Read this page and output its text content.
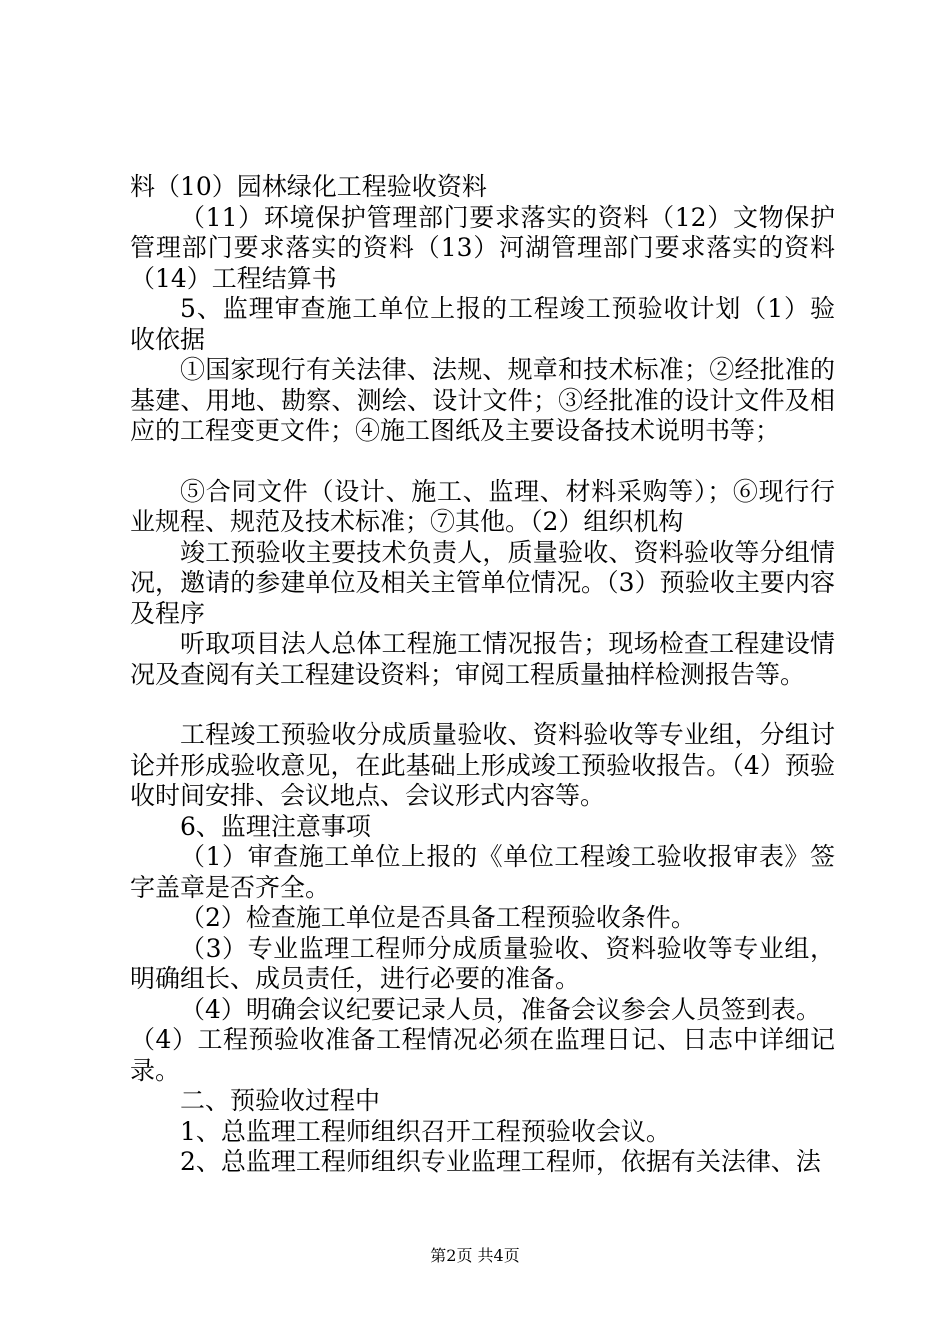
料（10）园林绿化工程验收资料

（11）环境保护管理部门要求落实的资料（12）文物保护管理部门要求落实的资料（13）河湖管理部门要求落实的资料（14）工程结算书

5、监理审查施工单位上报的工程竣工预验收计划（1）验收依据

①国家现行有关法律、法规、规章和技术标准；②经批准的基建、用地、勘察、测绘、设计文件；③经批准的设计文件及相应的工程变更文件；④施工图纸及主要设备技术说明书等；

⑤合同文件（设计、施工、监理、材料采购等）；⑥现行行业规程、规范及技术标准；⑦其他。（2）组织机构

竣工预验收主要技术负责人，质量验收、资料验收等分组情况，邀请的参建单位及相关主管单位情况。（3）预验收主要内容及程序

听取项目法人总体工程施工情况报告；现场检查工程建设情况及查阅有关工程建设资料；审阅工程质量抽样检测报告等。

工程竣工预验收分成质量验收、资料验收等专业组，分组讨论并形成验收意见，在此基础上形成竣工预验收报告。（4）预验收时间安排、会议地点、会议形式内容等。

6、监理注意事项

（1）审查施工单位上报的《单位工程竣工验收报审表》签字盖章是否齐全。

（2）检查施工单位是否具备工程预验收条件。

（3）专业监理工程师分成质量验收、资料验收等专业组，明确组长、成员责任，进行必要的准备。

（4）明确会议纪要记录人员，准备会议参会人员签到表。

（4）工程预验收准备工程情况必须在监理日记、日志中详细记录。

二、预验收过程中

1、总监理工程师组织召开工程预验收会议。

2、总监理工程师组织专业监理工程师，依据有关法律、法

第2页 共4页
